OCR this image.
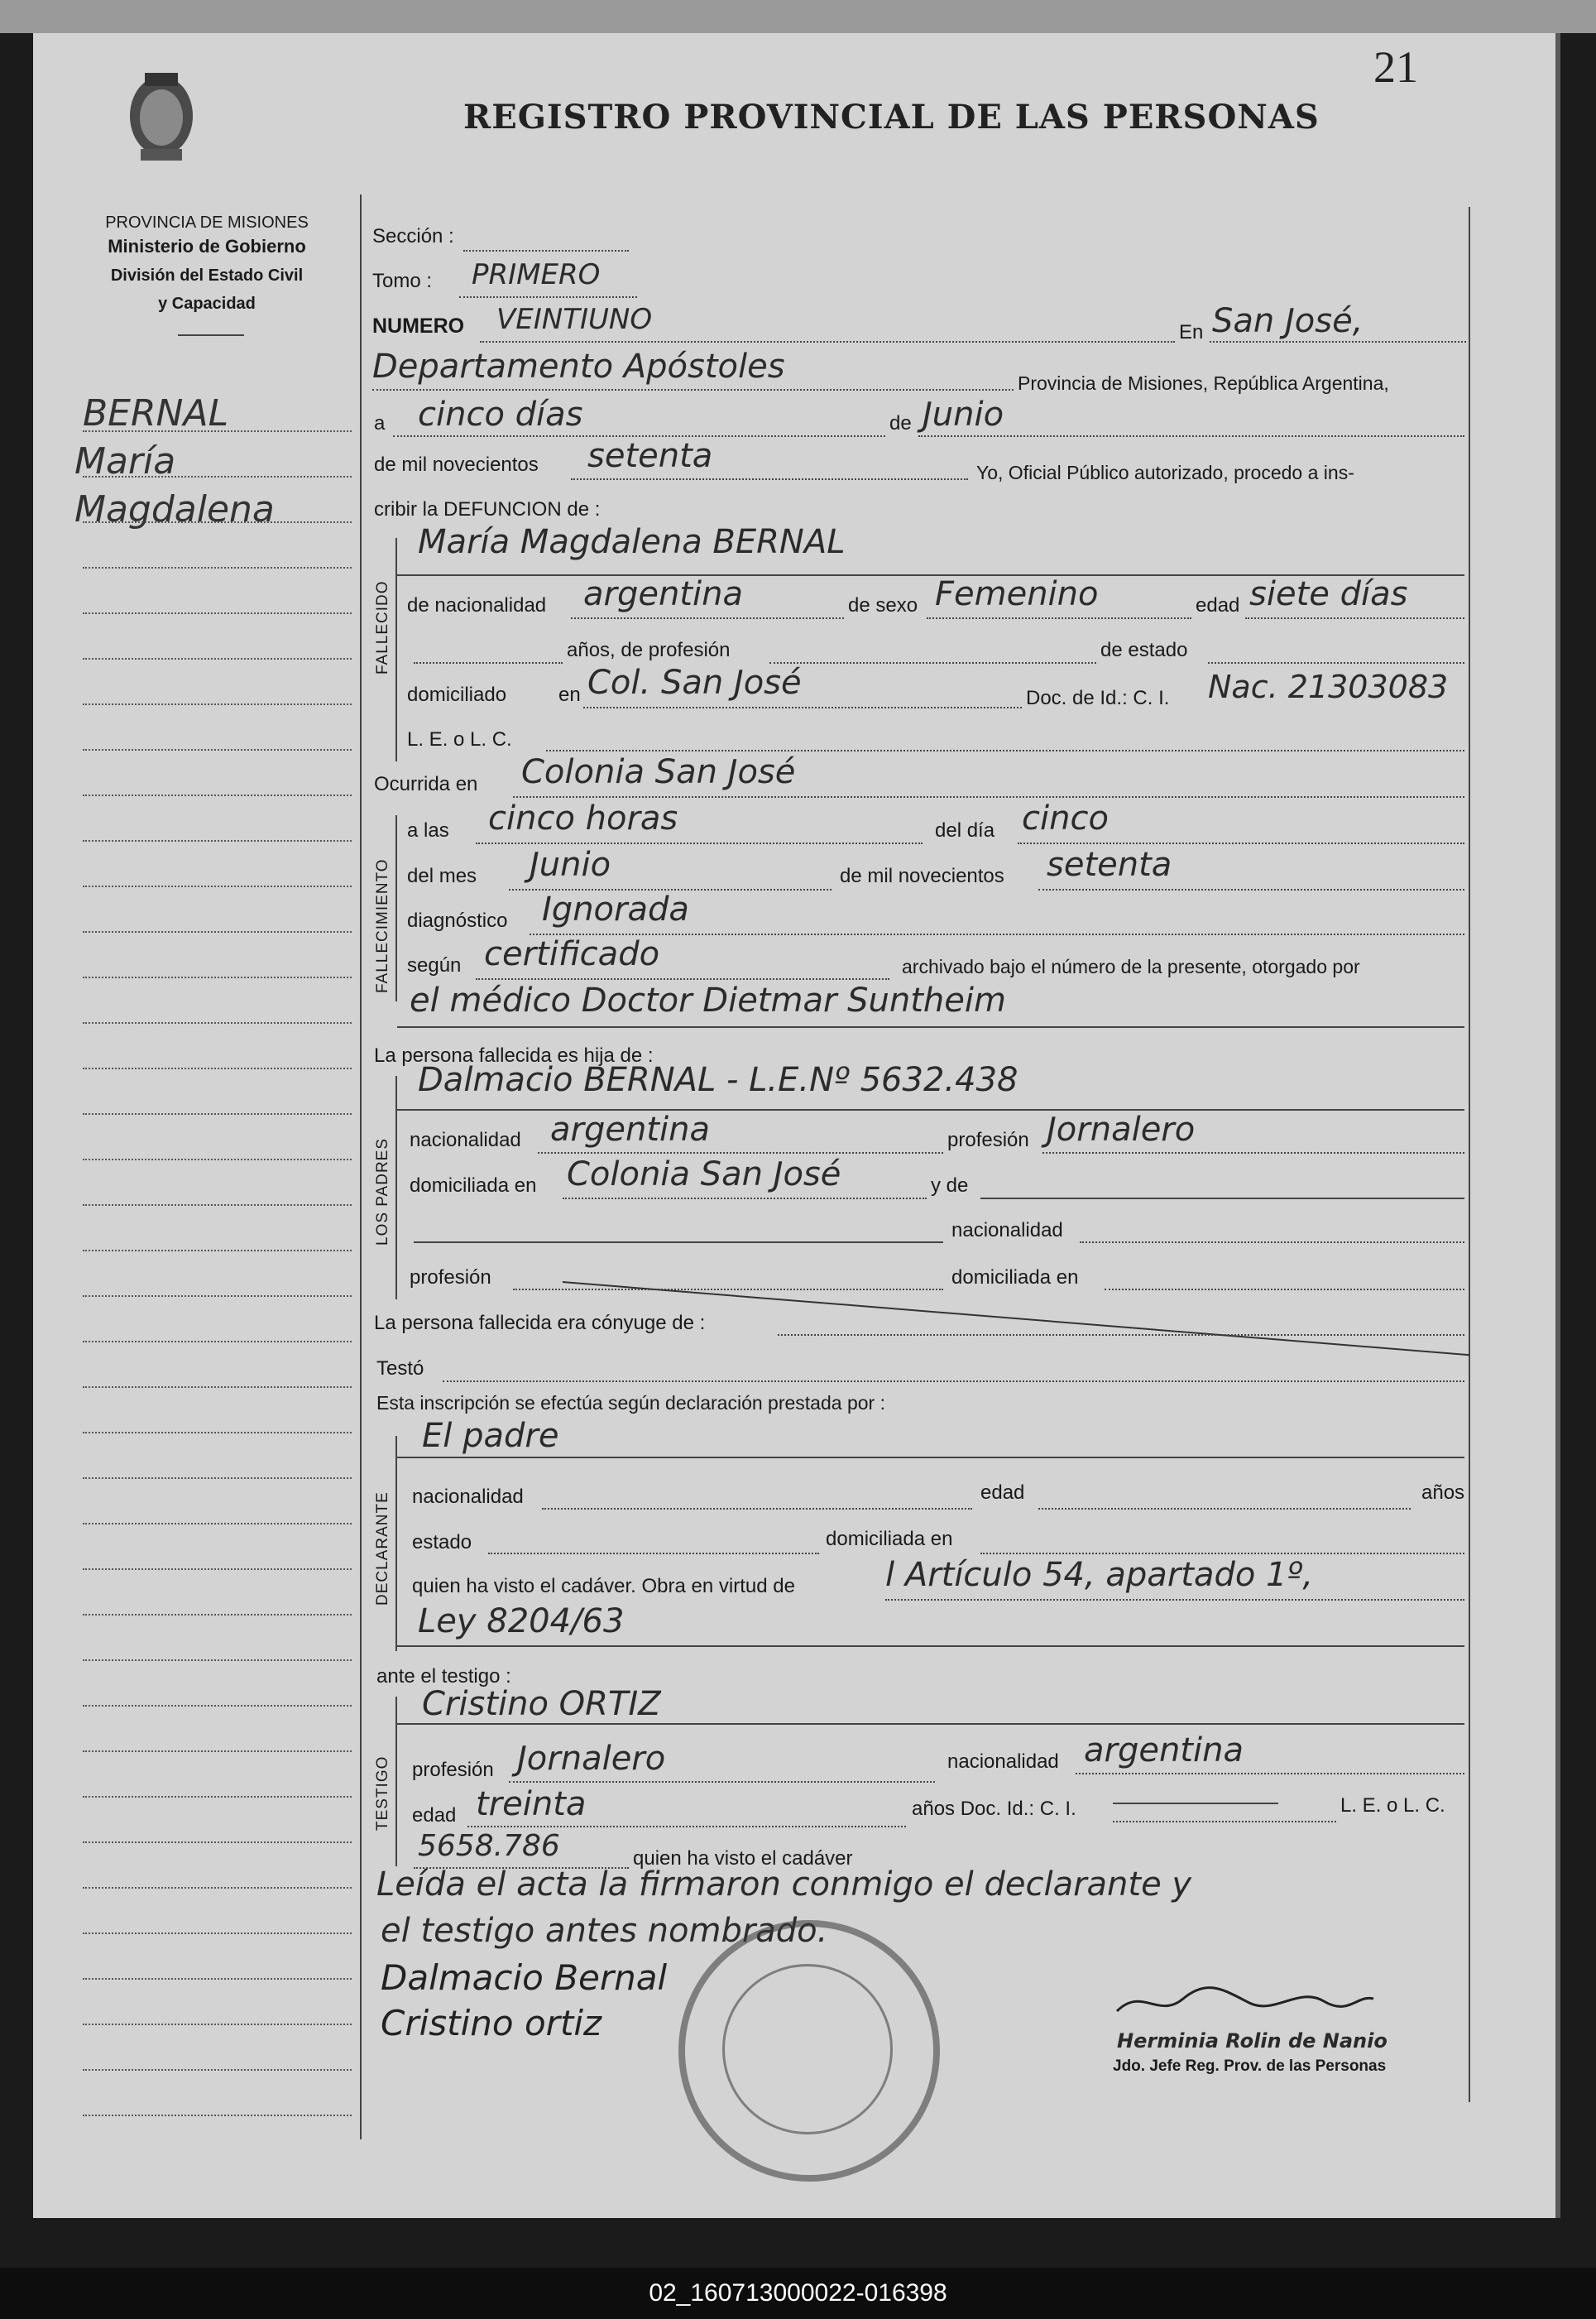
21
REGISTRO PROVINCIAL DE LAS PERSONAS
PROVINCIA DE MISIONES
Ministerio de Gobierno
División del Estado Civil
y Capacidad
BERNAL
María
Magdalena
Sección :
Tomo : PRIMERO
NUMERO VEINTIUNO	En San José,
Departamento Apóstoles	Provincia de Misiones, República Argentina,
a cinco días	de Junio
de mil novecientos setenta	Yo, Oficial Público autorizado, procedo a ins-
cribir la DEFUNCION de :
FALLECIDO
María Magdalena BERNAL
de nacionalidad argentina	de sexo Femenino	edad siete días
años, de profesión	de estado
domiciliado	en Col. San José	Doc. de Id.: C. I. Nac. 21303083
L. E. o L. C.
Ocurrida en Colonia San José
FALLECIMIENTO
a las cinco horas	del día cinco
del mes Junio	de mil novecientos setenta
diagnóstico Ignorada
según certificado	archivado bajo el número de la presente, otorgado por
el médico Doctor Dietmar Suntheim
La persona fallecida es hija de :
LOS PADRES
Dalmacio BERNAL - L.E.Nº 5632.438
nacionalidad argentina	profesión Jornalero
domiciliada en Colonia San José	y de
nacionalidad
profesión	domiciliada en
La persona fallecida era cónyuge de :
Testó
Esta inscripción se efectúa según declaración prestada por :
DECLARANTE
El padre
nacionalidad	edad	años
estado	domiciliada en
quien ha visto el cadáver. Obra en virtud de	l Artículo 54, apartado 1º,
Ley 8204/63
ante el testigo :
TESTIGO
Cristino ORTIZ
profesión Jornalero	nacionalidad argentina
edad treinta	años Doc. Id.: C. I.	L. E. o L. C.
5658.786	quien ha visto el cadáver
Leída el acta la firmaron conmigo el declarante y
el testigo antes nombrado.
Dalmacio Bernal
Cristino ortiz	Herminia Rolin de Nanio
Jdo. Jefe Reg. Prov. de las Personas
02_160713000022-016398
